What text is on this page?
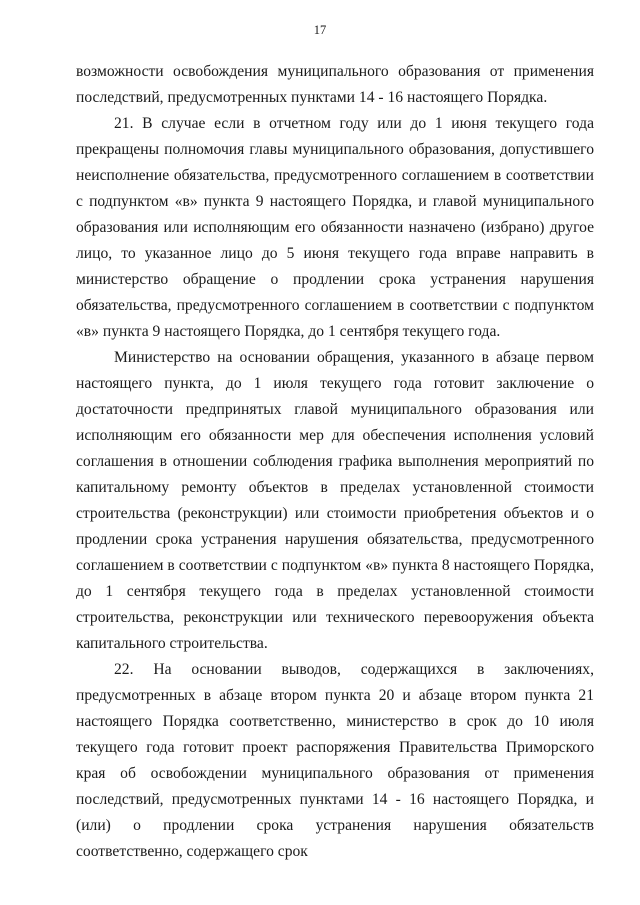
17

возможности освобождения муниципального образования от применения последствий, предусмотренных пунктами 14 - 16 настоящего Порядка.

21. В случае если в отчетном году или до 1 июня текущего года прекращены полномочия главы муниципального образования, допустившего неисполнение обязательства, предусмотренного соглашением в соответствии с подпунктом «в» пункта 9 настоящего Порядка, и главой муниципального образования или исполняющим его обязанности назначено (избрано) другое лицо, то указанное лицо до 5 июня текущего года вправе направить в министерство обращение о продлении срока устранения нарушения обязательства, предусмотренного соглашением в соответствии с подпунктом «в» пункта 9 настоящего Порядка, до 1 сентября текущего года.

Министерство на основании обращения, указанного в абзаце первом настоящего пункта, до 1 июля текущего года готовит заключение о достаточности предпринятых главой муниципального образования или исполняющим его обязанности мер для обеспечения исполнения условий соглашения в отношении соблюдения графика выполнения мероприятий по капитальному ремонту объектов в пределах установленной стоимости строительства (реконструкции) или стоимости приобретения объектов и о продлении срока устранения нарушения обязательства, предусмотренного соглашением в соответствии с подпунктом «в» пункта 8 настоящего Порядка, до 1 сентября текущего года в пределах установленной стоимости строительства, реконструкции или технического перевооружения объекта капитального строительства.

22. На основании выводов, содержащихся в заключениях, предусмотренных в абзаце втором пункта 20 и абзаце втором пункта 21 настоящего Порядка соответственно, министерство в срок до 10 июля текущего года готовит проект распоряжения Правительства Приморского края об освобождении муниципального образования от применения последствий, предусмотренных пунктами 14 - 16 настоящего Порядка, и (или) о продлении срока устранения нарушения обязательств соответственно, содержащего срок
